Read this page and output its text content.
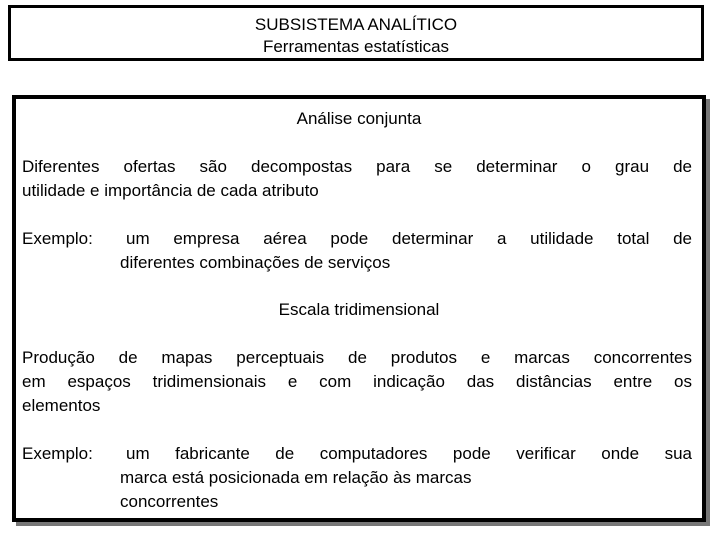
SUBSISTEMA ANALÍTICO
Ferramentas estatísticas
Análise conjunta
Diferentes ofertas são decompostas para se determinar o grau de
utilidade e importância de cada atributo
Exemplo:	um empresa aérea pode determinar a utilidade total de
diferentes combinações de serviços
Escala tridimensional
Produção de mapas perceptuais de produtos e marcas concorrentes
em espaços tridimensionais e com indicação das distâncias entre os
elementos
Exemplo:	um fabricante de computadores pode verificar onde sua
marca está posicionada em relação às marcas
concorrentes
